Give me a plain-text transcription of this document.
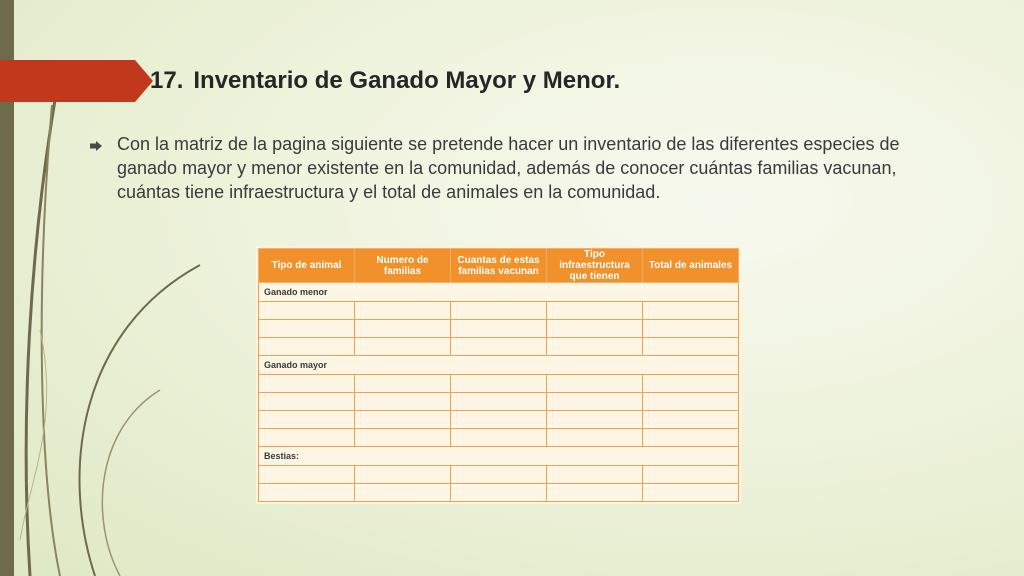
17. Inventario de Ganado Mayor y Menor.
Con la matriz de la pagina siguiente se pretende hacer un inventario de las diferentes especies de ganado mayor y menor existente en la comunidad, además de conocer cuántas familias vacunan, cuántas tiene infraestructura y el total de animales en la comunidad.
Tipo de animal	Numero de familias	Cuantas de estas familias vacunan	Tipo infraestructura que tienen	Total de animales
Ganado menor				

Ganado mayor				

Bestias:				
